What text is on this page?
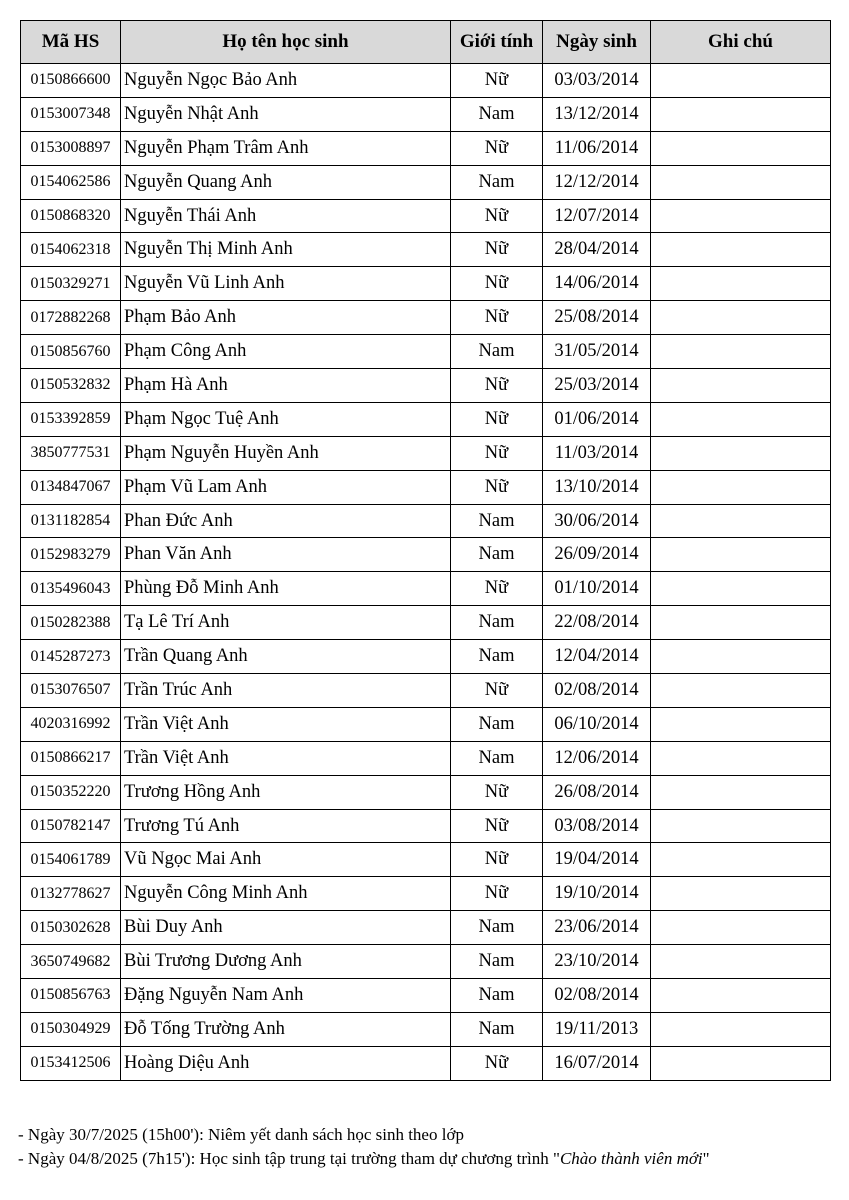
Mã HS	Họ tên học sinh	Giới tính	Ngày sinh	Ghi chú
0150866600	Nguyễn Ngọc Bảo Anh	Nữ	03/03/2014	
0153007348	Nguyễn Nhật Anh	Nam	13/12/2014	
0153008897	Nguyễn Phạm Trâm Anh	Nữ	11/06/2014	
0154062586	Nguyễn Quang Anh	Nam	12/12/2014	
0150868320	Nguyễn Thái Anh	Nữ	12/07/2014	
0154062318	Nguyễn Thị Minh Anh	Nữ	28/04/2014	
0150329271	Nguyễn Vũ Linh Anh	Nữ	14/06/2014	
0172882268	Phạm Bảo Anh	Nữ	25/08/2014	
0150856760	Phạm Công Anh	Nam	31/05/2014	
0150532832	Phạm Hà Anh	Nữ	25/03/2014	
0153392859	Phạm Ngọc Tuệ Anh	Nữ	01/06/2014	
3850777531	Phạm Nguyễn Huyền Anh	Nữ	11/03/2014	
0134847067	Phạm Vũ Lam Anh	Nữ	13/10/2014	
0131182854	Phan Đức Anh	Nam	30/06/2014	
0152983279	Phan Văn Anh	Nam	26/09/2014	
0135496043	Phùng Đỗ Minh Anh	Nữ	01/10/2014	
0150282388	Tạ Lê Trí Anh	Nam	22/08/2014	
0145287273	Trần Quang Anh	Nam	12/04/2014	
0153076507	Trần Trúc Anh	Nữ	02/08/2014	
4020316992	Trần Việt Anh	Nam	06/10/2014	
0150866217	Trần Việt Anh	Nam	12/06/2014	
0150352220	Trương Hồng Anh	Nữ	26/08/2014	
0150782147	Trương Tú Anh	Nữ	03/08/2014	
0154061789	Vũ Ngọc Mai Anh	Nữ	19/04/2014	
0132778627	Nguyễn Công Minh Anh	Nữ	19/10/2014	
0150302628	Bùi Duy Anh	Nam	23/06/2014	
3650749682	Bùi Trương Dương Anh	Nam	23/10/2014	
0150856763	Đặng Nguyễn Nam Anh	Nam	02/08/2014	
0150304929	Đỗ Tống Trường Anh	Nam	19/11/2013	
0153412506	Hoàng Diệu Anh	Nữ	16/07/2014	
- Ngày 30/7/2025 (15h00'): Niêm yết danh sách học sinh theo lớp
- Ngày 04/8/2025 (7h15'): Học sinh tập trung tại trường tham dự chương trình "Chào thành viên mới"
